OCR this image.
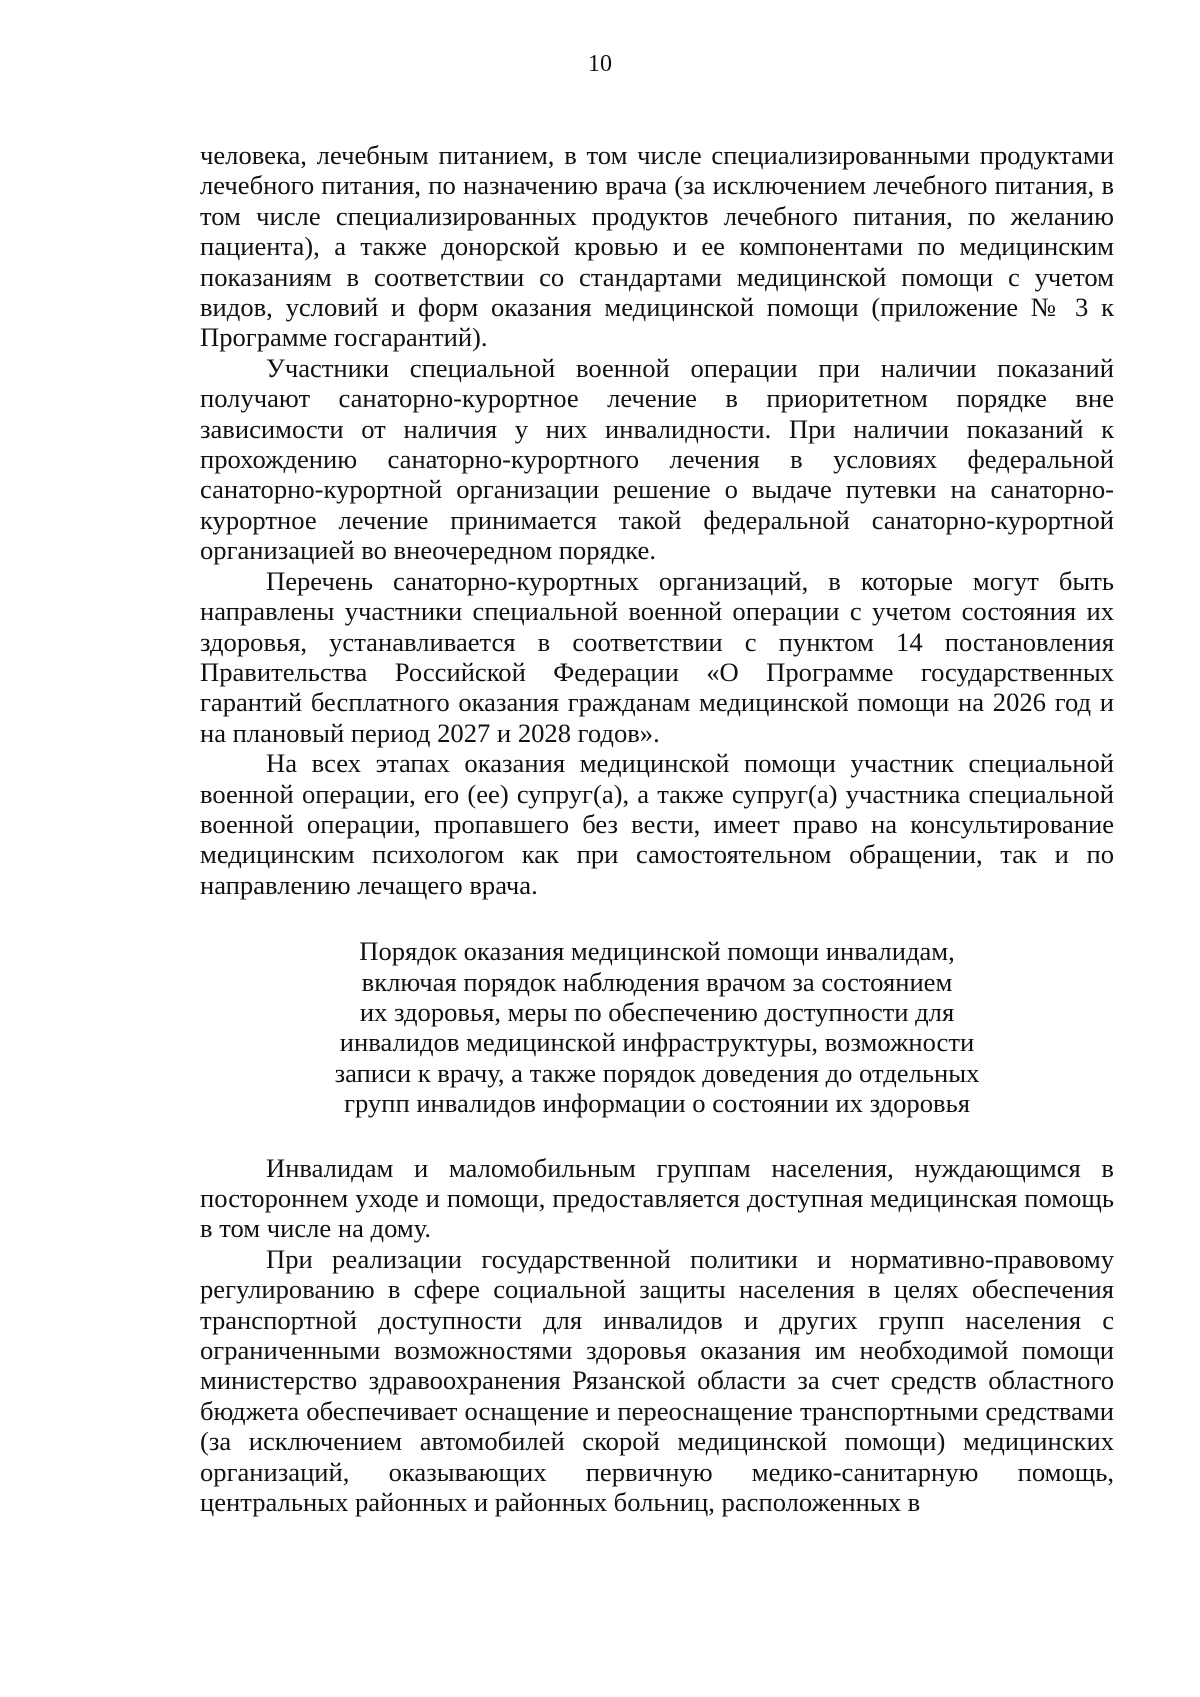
10

человека, лечебным питанием, в том числе специализированными продуктами лечебного питания, по назначению врача (за исключением лечебного питания, в том числе специализированных продуктов лечебного питания, по желанию пациента), а также донорской кровью и ее компонентами по медицинским показаниям в соответствии со стандартами медицинской помощи с учетом видов, условий и форм оказания медицинской помощи (приложение № 3 к Программе госгарантий).

Участники специальной военной операции при наличии показаний получают санаторно-курортное лечение в приоритетном порядке вне зависимости от наличия у них инвалидности. При наличии показаний к прохождению санаторно-курортного лечения в условиях федеральной санаторно-курортной организации решение о выдаче путевки на санаторно-курортное лечение принимается такой федеральной санаторно-курортной организацией во внеочередном порядке.

Перечень санаторно-курортных организаций, в которые могут быть направлены участники специальной военной операции с учетом состояния их здоровья, устанавливается в соответствии с пунктом 14 постановления Правительства Российской Федерации «О Программе государственных гарантий бесплатного оказания гражданам медицинской помощи на 2026 год и на плановый период 2027 и 2028 годов».

На всех этапах оказания медицинской помощи участник специальной военной операции, его (ее) супруг(а), а также супруг(а) участника специальной военной операции, пропавшего без вести, имеет право на консультирование медицинским психологом как при самостоятельном обращении, так и по направлению лечащего врача.

Порядок оказания медицинской помощи инвалидам,
включая порядок наблюдения врачом за состоянием
их здоровья, меры по обеспечению доступности для
инвалидов медицинской инфраструктуры, возможности
записи к врачу, а также порядок доведения до отдельных
групп инвалидов информации о состоянии их здоровья

Инвалидам и маломобильным группам населения, нуждающимся в постороннем уходе и помощи, предоставляется доступная медицинская помощь в том числе на дому.

При реализации государственной политики и нормативно-правовому регулированию в сфере социальной защиты населения в целях обеспечения транспортной доступности для инвалидов и других групп населения с ограниченными возможностями здоровья оказания им необходимой помощи министерство здравоохранения Рязанской области за счет средств областного бюджета обеспечивает оснащение и переоснащение транспортными средствами (за исключением автомобилей скорой медицинской помощи) медицинских организаций, оказывающих первичную медико-санитарную помощь, центральных районных и районных больниц, расположенных в
